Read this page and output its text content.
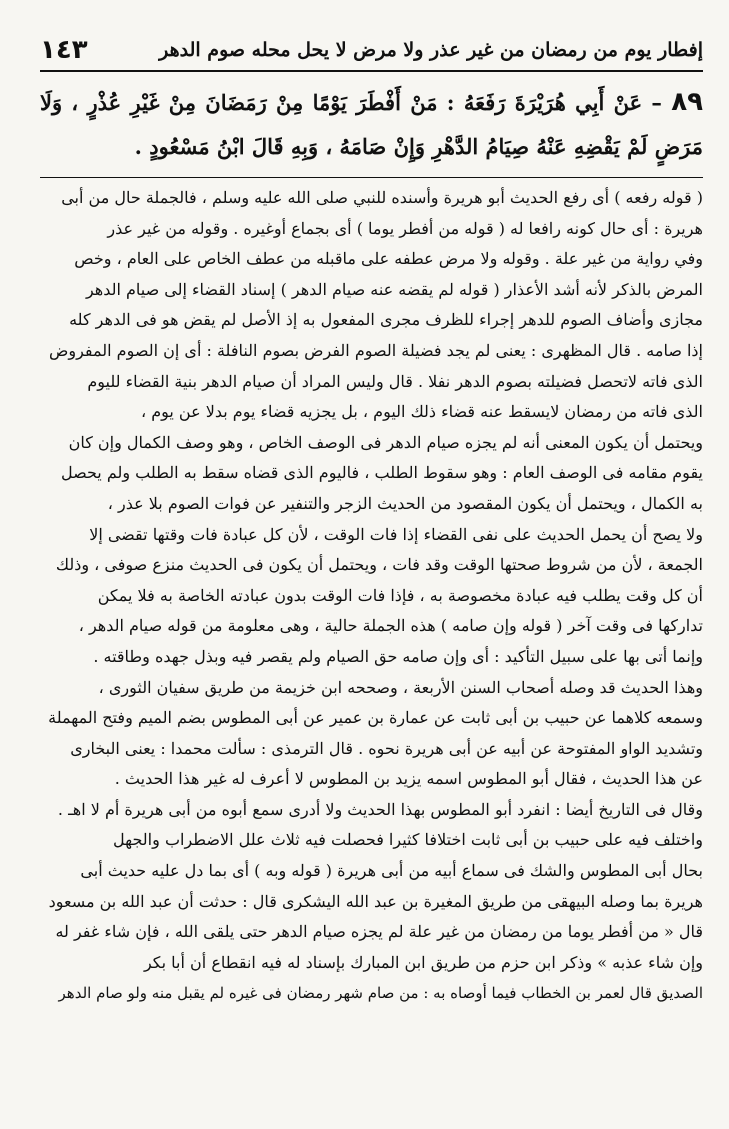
إفطار يوم من رمضان من غير عذر ولا مرض لا يحل محله صوم الدهر
١٤٣
٨٩ – عَنْ أَبِي هُرَيْرَةَ رَفَعَهُ : مَنْ أَفْطَرَ يَوْمًا مِنْ رَمَضَانَ مِنْ غَيْرِ عُذْرٍ ، وَلَا مَرَضٍ لَمْ يَقْضِهِ عَنْهُ صِيَامُ الدَّهْرِ وَإِنْ صَامَهُ ، وَبِهِ قَالَ ابْنُ مَسْعُودٍ .
( قوله رفعه ) أى رفع الحديث أبو هريرة وأسنده للنبي صلى الله عليه وسلم ، فالجملة حال من أبى
هريرة : أى حال كونه رافعا له ( قوله من أفطر يوما ) أى بجماع أوغيره . وقوله من غير عذر
وفي رواية من غير علة . وقوله ولا مرض عطفه على ماقبله من عطف الخاص على العام ، وخص
المرض بالذكر لأنه أشد الأعذار ( قوله لم يقضه عنه صيام الدهر ) إسناد القضاء إلى صيام الدهر
مجازى وأضاف الصوم للدهر إجراء للظرف مجرى المفعول به إذ الأصل لم يقض هو فى الدهر كله
إذا صامه . قال المظهرى : يعنى لم يجد فضيلة الصوم الفرض بصوم النافلة : أى إن الصوم المفروض
الذى فاته لاتحصل فضيلته بصوم الدهر نفلا . قال وليس المراد أن صيام الدهر بنية القضاء لليوم
الذى فاته من رمضان لايسقط عنه قضاء ذلك اليوم ، بل يجزيه قضاء يوم بدلا عن يوم ،
ويحتمل أن يكون المعنى أنه لم يجزه صيام الدهر فى الوصف الخاص ، وهو وصف الكمال وإن كان
يقوم مقامه فى الوصف العام : وهو سقوط الطلب ، فاليوم الذى قضاه سقط به الطلب ولم يحصل
به الكمال ، ويحتمل أن يكون المقصود من الحديث الزجر والتنفير عن فوات الصوم بلا عذر ،
ولا يصح أن يحمل الحديث على نفى القضاء إذا فات الوقت ، لأن كل عبادة فات وقتها تقضى إلا
الجمعة ، لأن من شروط صحتها الوقت وقد فات ، ويحتمل أن يكون فى الحديث منزع صوفى ، وذلك
أن كل وقت يطلب فيه عبادة مخصوصة به ، فإذا فات الوقت بدون عبادته الخاصة به فلا يمكن
تداركها فى وقت آخر ( قوله وإن صامه ) هذه الجملة حالية ، وهى معلومة من قوله صيام الدهر ،
وإنما أتى بها على سبيل التأكيد : أى وإن صامه حق الصيام ولم يقصر فيه وبذل جهده وطاقته .
وهذا الحديث قد وصله أصحاب السنن الأربعة ، وصححه ابن خزيمة من طريق سفيان الثورى ،
وسمعه كلاهما عن حبيب بن أبى ثابت عن عمارة بن عمير عن أبى المطوس بضم الميم وفتح المهملة
وتشديد الواو المفتوحة عن أبيه عن أبى هريرة نحوه . قال الترمذى : سألت محمدا : يعنى البخارى
عن هذا الحديث ، فقال أبو المطوس اسمه يزيد بن المطوس لا أعرف له غير هذا الحديث .
وقال فى التاريخ أيضا : انفرد أبو المطوس بهذا الحديث ولا أدرى سمع أبوه من أبى هريرة أم لا اهـ .
واختلف فيه على حبيب بن أبى ثابت اختلافا كثيرا فحصلت فيه ثلاث علل الاضطراب والجهل
بحال أبى المطوس والشك فى سماع أبيه من أبى هريرة ( قوله وبه ) أى بما دل عليه حديث أبى
هريرة بما وصله البيهقى من طريق المغيرة بن عبد الله اليشكرى قال : حدثت أن عبد الله بن مسعود
قال « من أفطر يوما من رمضان من غير علة لم يجزه صيام الدهر حتى يلقى الله ، فإن شاء غفر له
وإن شاء عذبه » وذكر ابن حزم من طريق ابن المبارك بإسناد له فيه انقطاع أن أبا بكر
الصديق قال لعمر بن الخطاب فيما أوصاه به : من صام شهر رمضان فى غيره لم يقبل منه ولو صام الدهر
